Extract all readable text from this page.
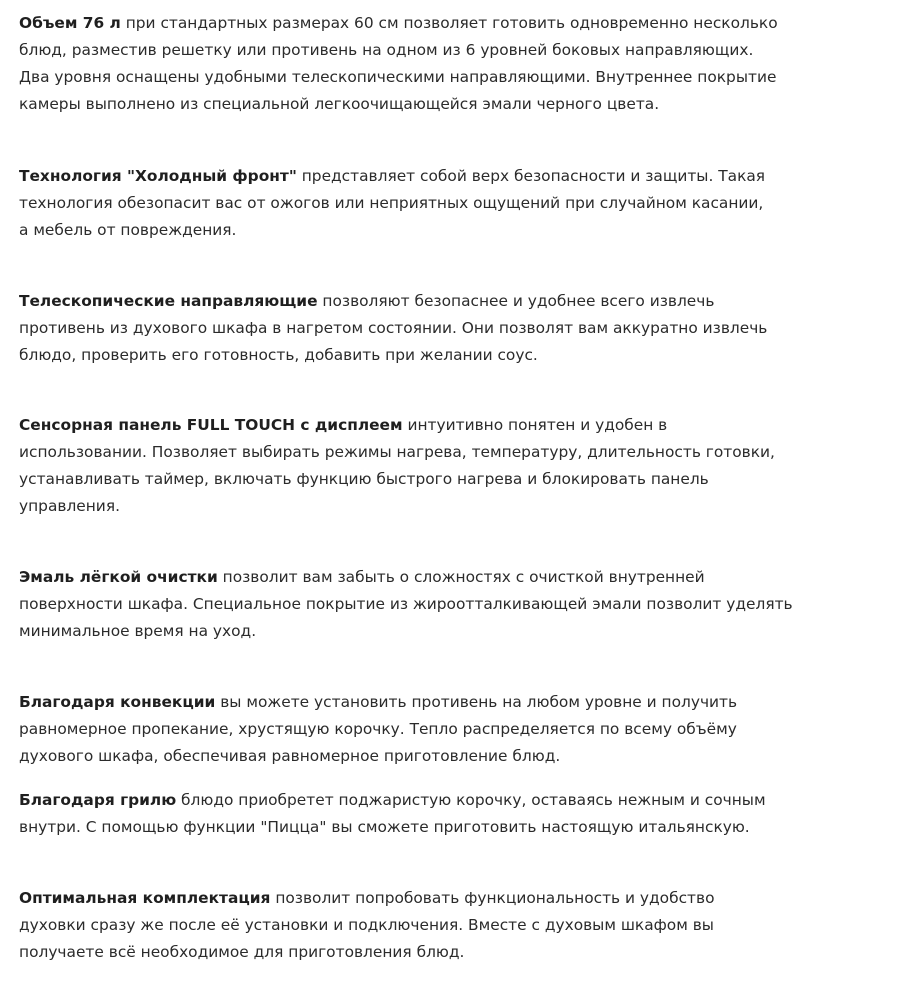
Объем 76 л при стандартных размерах 60 см позволяет готовить одновременно несколько
блюд, разместив решетку или противень на одном из 6 уровней боковых направляющих.
Два уровня оснащены удобными телескопическими направляющими. Внутреннее покрытие
камеры выполнено из специальной легкоочищающейся эмали черного цвета.

Технология "Холодный фронт" представляет собой верх безопасности и защиты. Такая
технология обезопасит вас от ожогов или неприятных ощущений при случайном касании,
а мебель от повреждения.

Телескопические направляющие позволяют безопаснее и удобнее всего извлечь
противень из духового шкафа в нагретом состоянии. Они позволят вам аккуратно извлечь
блюдо, проверить его готовность, добавить при желании соус.

Сенсорная панель FULL TOUCH с дисплеем интуитивно понятен и удобен в
использовании. Позволяет выбирать режимы нагрева, температуру, длительность готовки,
устанавливать таймер, включать функцию быстрого нагрева и блокировать панель
управления.

Эмаль лёгкой очистки позволит вам забыть о сложностях с очисткой внутренней
поверхности шкафа. Специальное покрытие из жироотталкивающей эмали позволит уделять
минимальное время на уход.

Благодаря конвекции вы можете установить противень на любом уровне и получить
равномерное пропекание, хрустящую корочку. Тепло распределяется по всему объёму
духового шкафа, обеспечивая равномерное приготовление блюд.

Благодаря грилю блюдо приобретет поджаристую корочку, оставаясь нежным и сочным
внутри. С помощью функции "Пицца" вы сможете приготовить настоящую итальянскую.

Оптимальная комплектация позволит попробовать функциональность и удобство
духовки сразу же после её установки и подключения. Вместе с духовым шкафом вы
получаете всё необходимое для приготовления блюд.
